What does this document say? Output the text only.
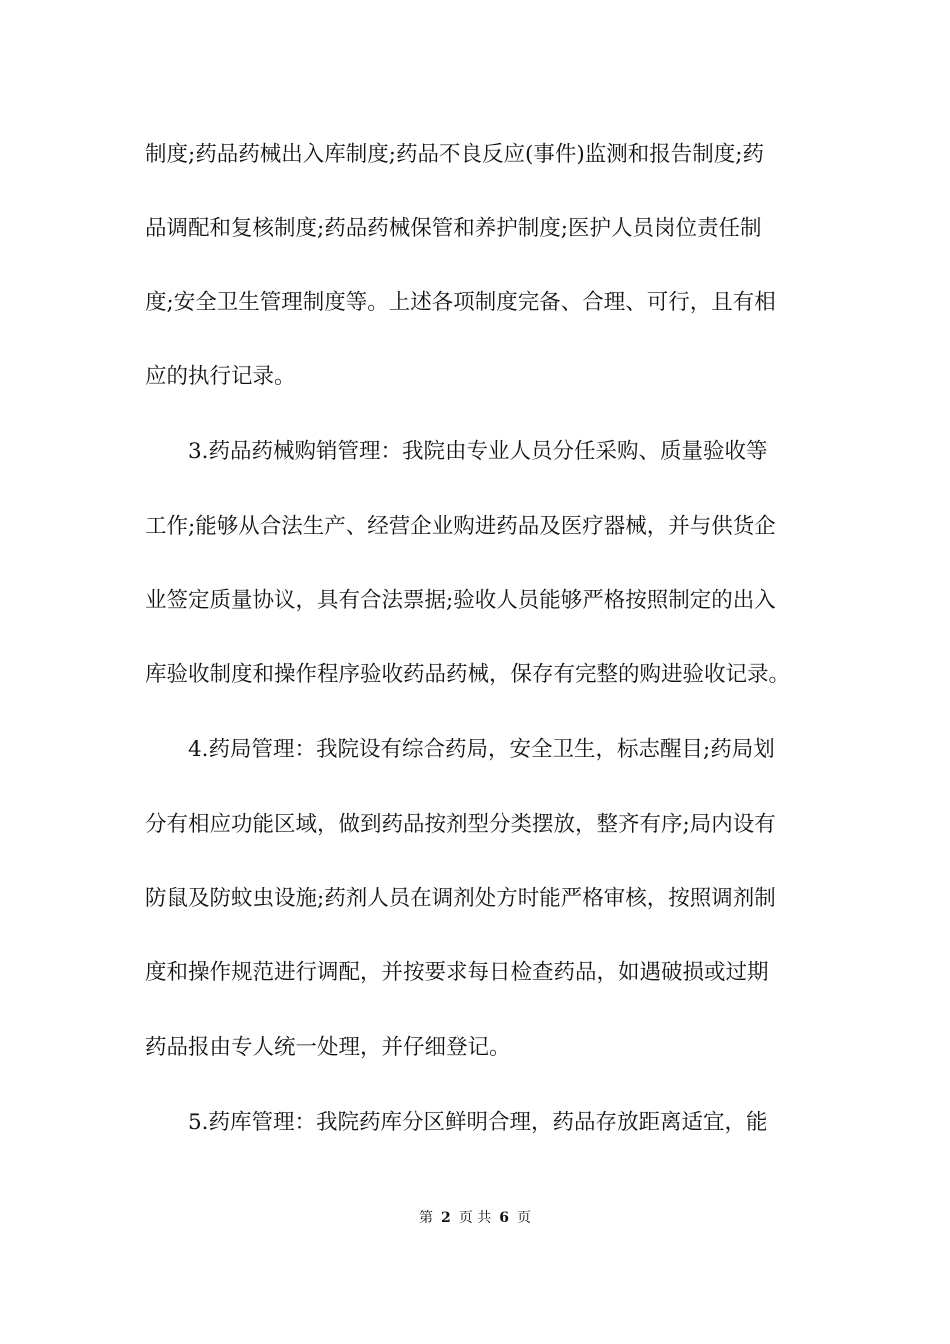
制度;药品药械出入库制度;药品不良反应(事件)监测和报告制度;药
品调配和复核制度;药品药械保管和养护制度;医护人员岗位责任制
度;安全卫生管理制度等。上述各项制度完备、合理、可行，且有相
应的执行记录。
　　3.药品药械购销管理：我院由专业人员分任采购、质量验收等
工作;能够从合法生产、经营企业购进药品及医疗器械，并与供货企
业签定质量协议，具有合法票据;验收人员能够严格按照制定的出入
库验收制度和操作程序验收药品药械，保存有完整的购进验收记录。
　　4.药局管理：我院设有综合药局，安全卫生，标志醒目;药局划
分有相应功能区域，做到药品按剂型分类摆放，整齐有序;局内设有
防鼠及防蚊虫设施;药剂人员在调剂处方时能严格审核，按照调剂制
度和操作规范进行调配，并按要求每日检查药品，如遇破损或过期
药品报由专人统一处理，并仔细登记。
　　5.药库管理：我院药库分区鲜明合理，药品存放距离适宜，能
第 2 页 共 6 页
